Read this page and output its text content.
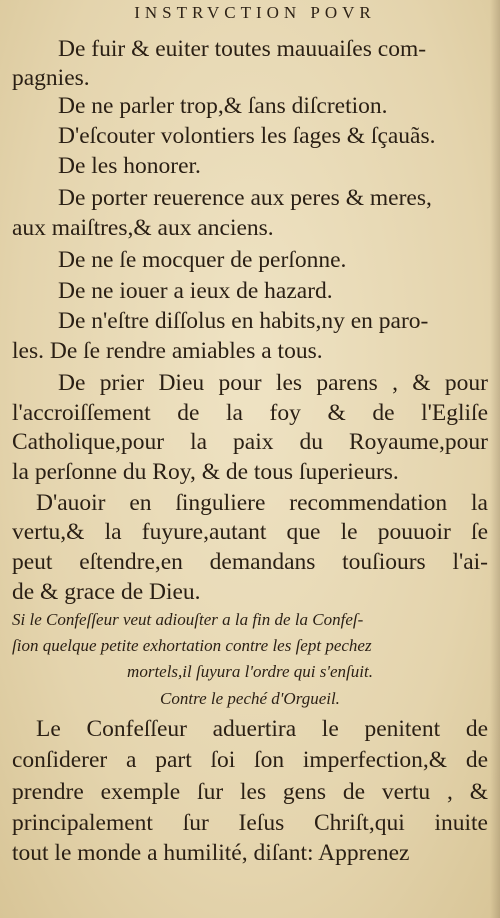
INSTRVCTION POVR
De fuir & euiter toutes mauuaiſes com-
pagnies.
De ne parler trop,& ſans diſcretion.
D'eſcouter volontiers les ſages & ſçauãs.
De les honorer.
De porter reuerence aux peres & meres,
aux maiſtres,& aux anciens.
De ne ſe mocquer de perſonne.
De ne iouer a ieux de hazard.
De n'eſtre diſſolus en habits,ny en paro-
les. De ſe rendre amiables a tous.
De prier Dieu pour les parens , & pour
l'accroiſſement de la foy & de l'Egliſe
Catholique,pour la paix du Royaume,pour
la perſonne du Roy, & de tous ſuperieurs.
D'auoir en ſinguliere recommendation la
vertu,& la fuyure,autant que le pouuoir ſe
peut eſtendre,en demandans touſiours l'ai-
de & grace de Dieu.
Si le Confeſſeur veut adiouſter a la fin de la Confeſ-
ſion quelque petite exhortation contre les ſept pechez
mortels,il ſuyura l'ordre qui s'enſuit.
Contre le peché d'Orgueil.
Le Confeſſeur aduertira le penitent de
conſiderer a part ſoi ſon imperfection,& de
prendre exemple ſur les gens de vertu , &
principalement ſur Ieſus Chriſt,qui inuite
tout le monde a humilité, diſant: Apprenez
